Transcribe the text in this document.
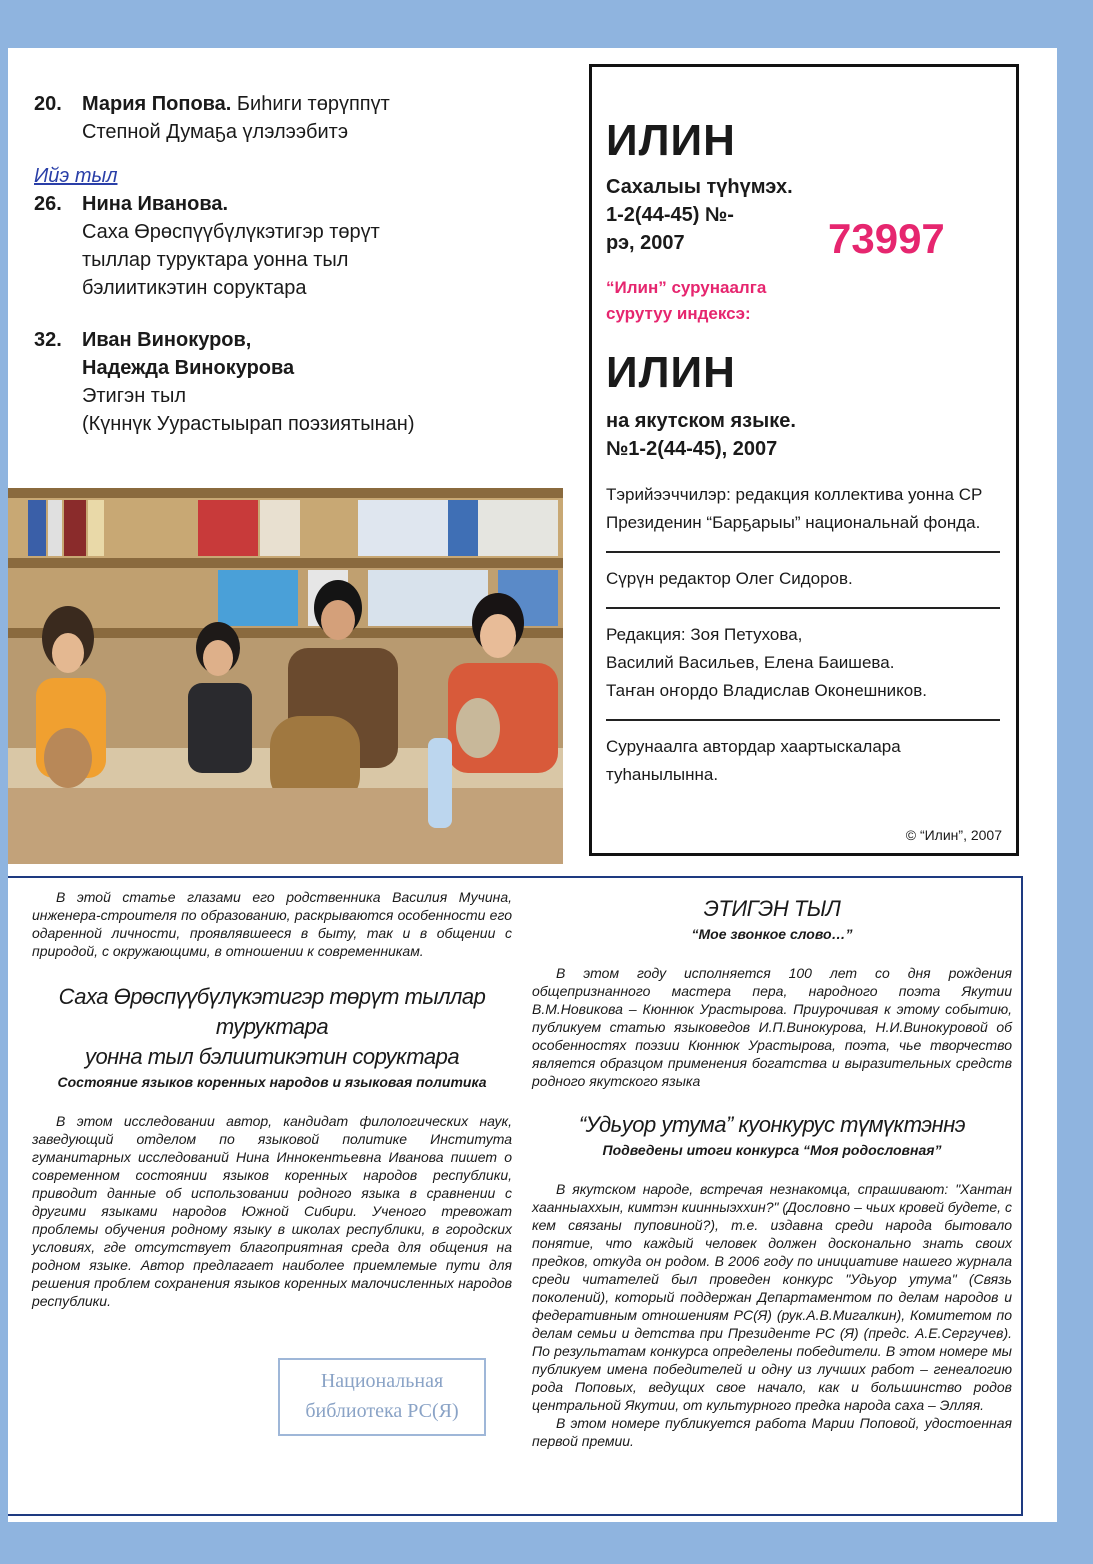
20.	Мария Попова. Биһиги төрүппүт
Степной Думаҕа үлэлээбитэ
Ийэ тыл
26.	Нина Иванова.
Саха Өрөспүүбүлүкэтигэр төрүт
тыллар туруктара уонна тыл
бэлиитикэтин соруктара
32.	Иван Винокуров,
Надежда Винокурова
Этигэн тыл
(Күннүк Уурастыырап поэзиятынан)
ИЛИН
Сахалыы түһүмэх.
1-2(44-45) №-
рэ, 2007	73997
“Илин” сурунаалга
сурутуу индексэ:
ИЛИН
на якутском языке.
№1-2(44-45), 2007
Тэрийээччилэр: редакция коллектива уонна СР
Президенин “Барҕарыы” национальнай фонда.
Сүрүн редактор Олег Сидоров.
Редакция: Зоя Петухова,
Василий Васильев, Елена Баишева.
Таҥан оҥордо Владислав Оконешников.
Сурунаалга автордар хаартыскалара
туһанылынна.
© “Илин”, 2007

В этой статье глазами его родственника Василия Мучина, инженера-строителя по образованию, раскрываются особенности его одаренной личности, проявлявшееся в быту, так и в общении с природой, с окружающими, в отношении к современникам.

Саха Өрөспүүбүлүкэтигэр төрүт тыллар туруктара
уонна тыл бэлиитикэтин соруктара
Состояние языков коренных народов и языковая политика

В этом исследовании автор, кандидат филологических наук, заведующий отделом по языковой политике Института гуманитарных исследований Нина Иннокентьевна Иванова пишет о современном состоянии языков коренных народов республики, приводит данные об использовании родного языка в сравнении с другими языками народов Южной Сибири. Ученого тревожат проблемы обучения родному языку в школах республики, в городских условиях, где отсутствует благоприятная среда для общения на родном языке. Автор предлагает наиболее приемлемые пути для решения проблем сохранения языков коренных малочисленных народов республики.

ЭТИГЭН ТЫЛ
“Мое звонкое слово…”

В этом году исполняется 100 лет со дня рождения общепризнанного мастера пера, народного поэта Якутии В.М.Новикова – Кюннюк Урастырова. Приурочивая к этому событию, публикуем статью языковедов И.П.Винокурова, Н.И.Винокуровой об особенностях поэзии Кюннюк Урастырова, поэта, чье творчество является образцом применения богатства и выразительных средств родного якутского языка

“Удьуор утума” куонкурус түмүктэннэ
Подведены итоги конкурса “Моя родословная”

В якутском народе, встречая незнакомца, спрашивают: "Хантан хаанныаххын, кимтэн киинныэххин?" (Дословно – чьих кровей будете, с кем связаны пуповиной?), т.е. издавна среди народа бытовало понятие, что каждый человек должен досконально знать своих предков, откуда он родом. В 2006 году по инициативе нашего журнала среди читателей был проведен конкурс "Удьуор утума" (Связь поколений), который поддержан Департаментом по делам народов и федеративным отношениям РС(Я) (рук.А.В.Мигалкин), Комитетом по делам семьи и детства при Президенте РС (Я) (предс. А.Е.Сергучев). По результатам конкурса определены победители. В этом номере мы публикуем имена победителей и одну из лучших работ – генеалогию рода Поповых, ведущих свое начало, как и большинство родов центральной Якутии, от культурного предка народа саха – Элляя.

В этом номере публикуется работа Марии Поповой, удостоенная первой премии.

Национальная
библиотека РС(Я)
